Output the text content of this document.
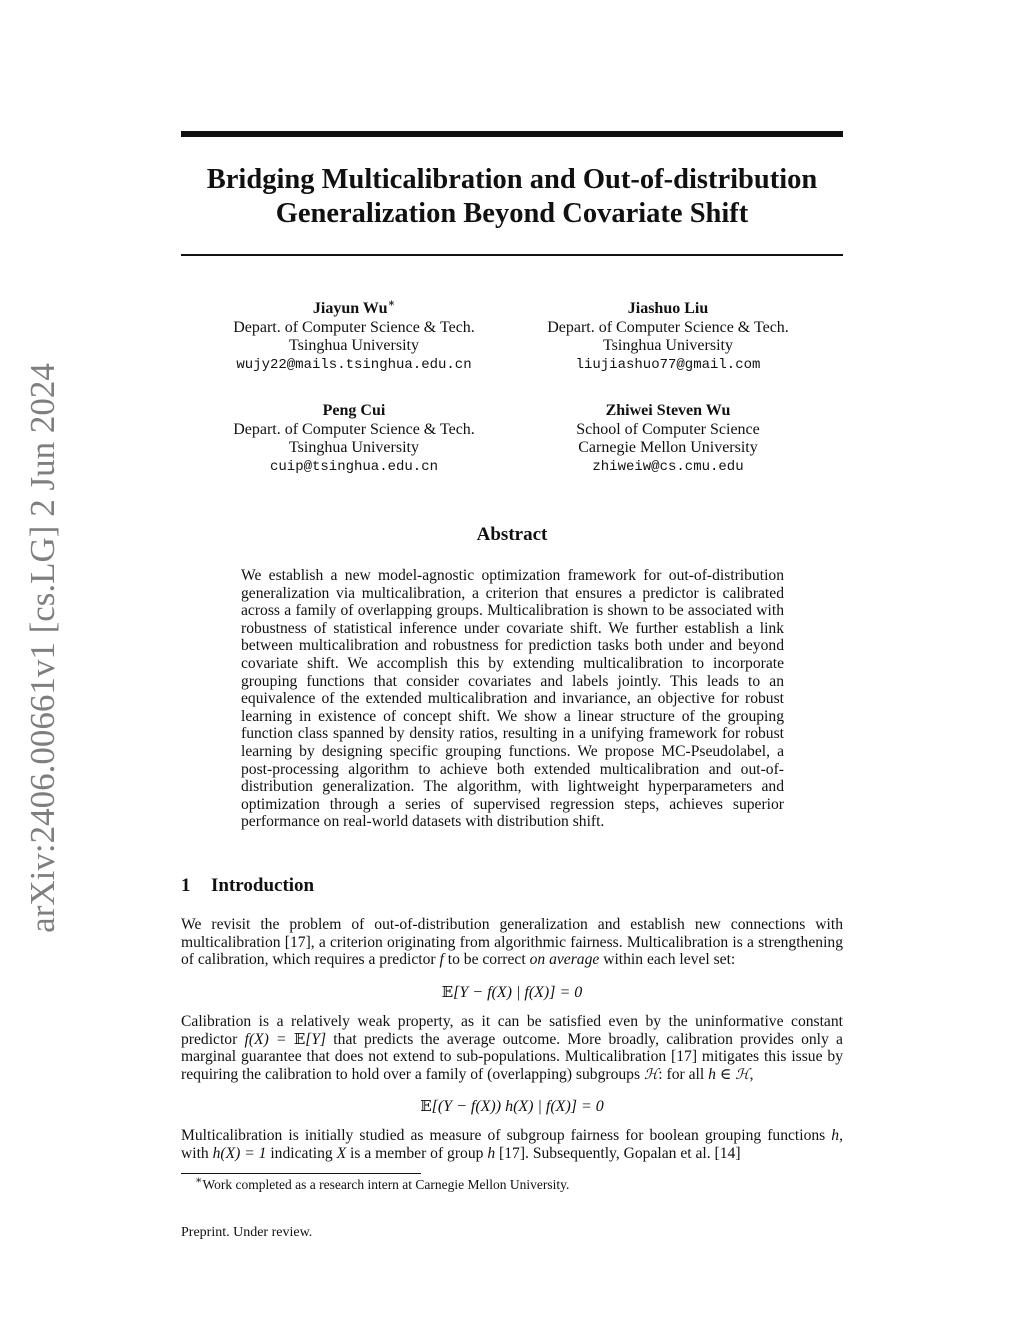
arXiv:2406.00661v1 [cs.LG] 2 Jun 2024
Bridging Multicalibration and Out-of-distribution
Generalization Beyond Covariate Shift
Jiayun Wu∗
Depart. of Computer Science & Tech.
Tsinghua University
wujy22@mails.tsinghua.edu.cn
Jiashuo Liu
Depart. of Computer Science & Tech.
Tsinghua University
liujiashuo77@gmail.com
Peng Cui
Depart. of Computer Science & Tech.
Tsinghua University
cuip@tsinghua.edu.cn
Zhiwei Steven Wu
School of Computer Science
Carnegie Mellon University
zhiweiw@cs.cmu.edu
Abstract

We establish a new model-agnostic optimization framework for out-of-distribution generalization via multicalibration, a criterion that ensures a predictor is calibrated across a family of overlapping groups. Multicalibration is shown to be associated with robustness of statistical inference under covariate shift. We further establish a link between multicalibration and robustness for prediction tasks both under and beyond covariate shift. We accomplish this by extending multicalibration to incorporate grouping functions that consider covariates and labels jointly. This leads to an equivalence of the extended multicalibration and invariance, an objective for robust learning in existence of concept shift. We show a linear structure of the grouping function class spanned by density ratios, resulting in a unifying framework for robust learning by designing specific grouping functions. We propose MC-Pseudolabel, a post-processing algorithm to achieve both extended multicalibration and out-of-distribution generalization. The algorithm, with lightweight hyperparameters and optimization through a series of supervised regression steps, achieves superior performance on real-world datasets with distribution shift.

1 Introduction

We revisit the problem of out-of-distribution generalization and establish new connections with multicalibration [17], a criterion originating from algorithmic fairness. Multicalibration is a strengthening of calibration, which requires a predictor f to be correct on average within each level set:

𝔼[Y − f(X) | f(X)] = 0

Calibration is a relatively weak property, as it can be satisfied even by the uninformative constant predictor f(X) = 𝔼[Y] that predicts the average outcome. More broadly, calibration provides only a marginal guarantee that does not extend to sub-populations. Multicalibration [17] mitigates this issue by requiring the calibration to hold over a family of (overlapping) subgroups ℋ: for all h ∈ ℋ,

𝔼[(Y − f(X)) h(X) | f(X)] = 0

Multicalibration is initially studied as measure of subgroup fairness for boolean grouping functions h, with h(X) = 1 indicating X is a member of group h [17]. Subsequently, Gopalan et al. [14]

∗Work completed as a research intern at Carnegie Mellon University.
Preprint. Under review.
